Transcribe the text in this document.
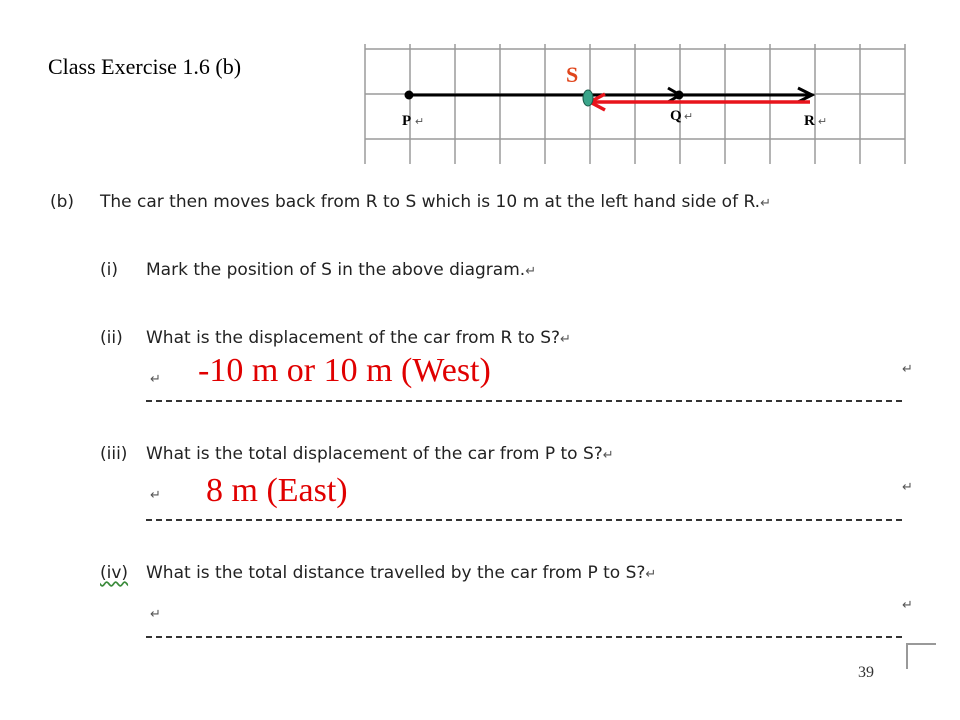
Class Exercise 1.6 (b)	S
P	Q	R
↵	↵	↵
(b) The car then moves back from R to S which is 10 m at the left hand side of R.↵
(i) Mark the position of S in the above diagram.↵
(ii) What is the displacement of the car from R to S?↵
↵ -10 m or 10 m (West)	↵
(iii) What is the total displacement of the car from P to S?↵
↵ 8 m (East)	↵
(iv) What is the total distance travelled by the car from P to S?↵
↵
↵
39
